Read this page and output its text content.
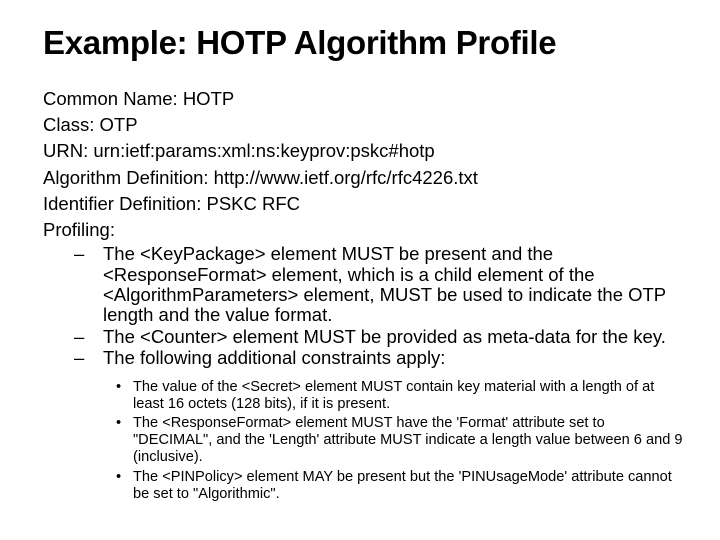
Example: HOTP Algorithm Profile
Common Name: HOTP
Class: OTP
URN: urn:ietf:params:xml:ns:keyprov:pskc#hotp
Algorithm Definition: http://www.ietf.org/rfc/rfc4226.txt
Identifier Definition: PSKC RFC
Profiling:
– The <KeyPackage> element MUST be present and the <ResponseFormat> element, which is a child element of the <AlgorithmParameters> element, MUST be used to indicate the OTP length and the value format.
– The <Counter> element MUST be provided as meta-data for the key.
– The following additional constraints apply:
• The value of the <Secret> element MUST contain key material with a length of at least 16 octets (128 bits), if it is present.
• The <ResponseFormat> element MUST have the 'Format' attribute set to "DECIMAL", and the 'Length' attribute MUST indicate a length value between 6 and 9 (inclusive).
• The <PINPolicy> element MAY be present but the 'PINUsageMode' attribute cannot be set to "Algorithmic".
